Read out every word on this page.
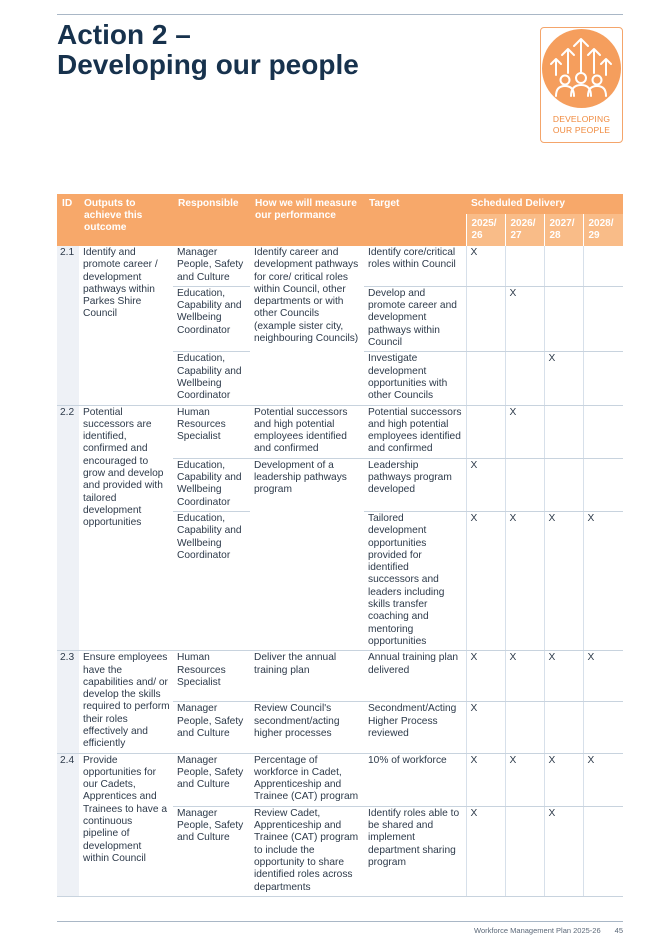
Action 2 –
Developing our people
DEVELOPING
OUR PEOPLE
ID	Outputs to achieve this outcome	Responsible	How we will measure our performance	Target	Scheduled Delivery			
					2025/ 26	2026/ 27	2027/ 28	2028/ 29
2.1	Identify and promote career / development pathways within Parkes Shire Council	Manager People, Safety and Culture	Identify career and development pathways for core/ critical roles within Council, other departments or with other Councils (example sister city, neighbouring Councils)	Identify core/critical roles within Council	X			
		Education, Capability and Wellbeing Coordinator		Develop and promote career and development pathways within Council		X		
		Education, Capability and Wellbeing Coordinator		Investigate development opportunities with other Councils			X	
2.2	Potential successors are identified, confirmed and encouraged to grow and develop and provided with tailored development opportunities	Human Resources Specialist	Potential successors and high potential employees identified and confirmed	Potential successors and high potential employees identified and confirmed		X		
		Education, Capability and Wellbeing Coordinator	Development of a leadership pathways program	Leadership pathways program developed	X			
		Education, Capability and Wellbeing Coordinator		Tailored development opportunities provided for identified successors and leaders including skills transfer coaching and mentoring opportunities	X	X	X	X
2.3	Ensure employees have the capabilities and/ or develop the skills required to perform their roles effectively and efficiently	Human Resources Specialist	Deliver the annual training plan	Annual training plan delivered	X	X	X	X
		Manager People, Safety and Culture	Review Council's secondment/acting higher processes	Secondment/Acting Higher Process reviewed	X			
2.4	Provide opportunities for our Cadets, Apprentices and Trainees to have a continuous pipeline of development within Council	Manager People, Safety and Culture	Percentage of workforce in Cadet, Apprenticeship and Trainee (CAT) program	10% of workforce	X	X	X	X
		Manager People, Safety and Culture	Review Cadet, Apprenticeship and Trainee (CAT) program to include the opportunity to share identified roles across departments	Identify roles able to be shared and implement department sharing program	X		X	
Workforce Management Plan 2025-26 45
